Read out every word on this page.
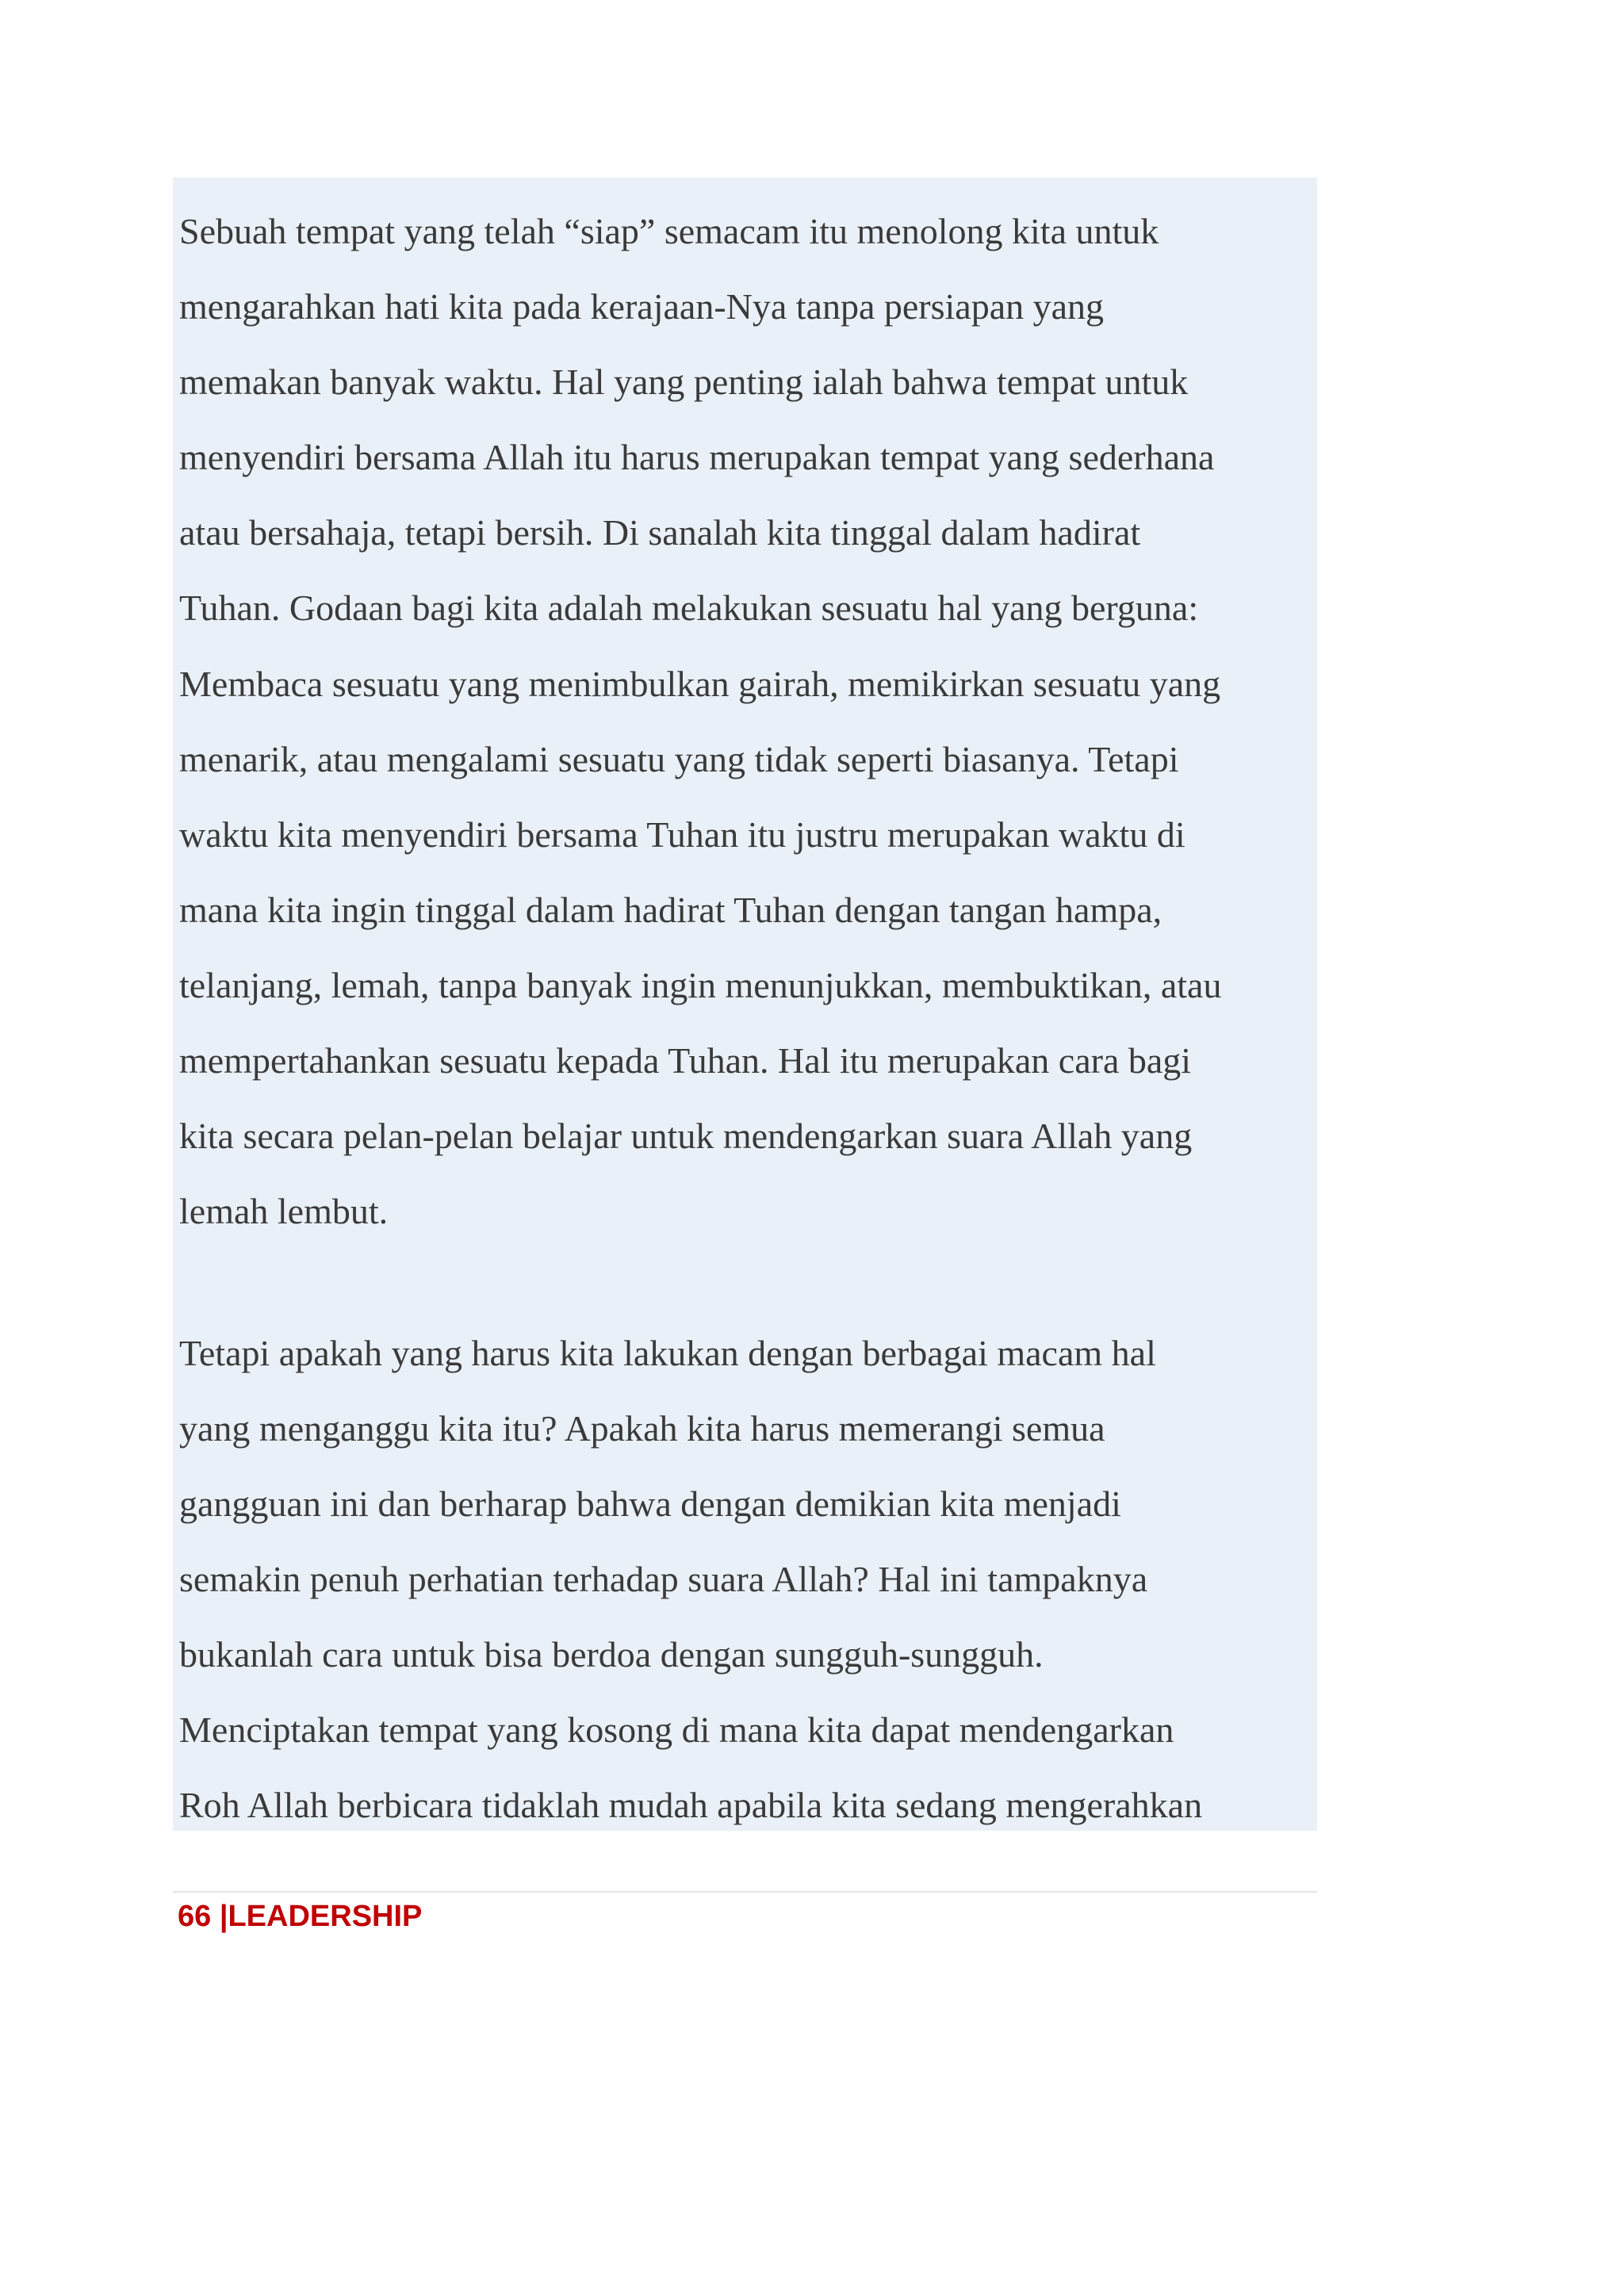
Sebuah tempat yang telah “siap” semacam itu menolong kita untuk
mengarahkan hati kita pada kerajaan-Nya tanpa persiapan yang
memakan banyak waktu. Hal yang penting ialah bahwa tempat untuk
menyendiri bersama Allah itu harus merupakan tempat yang sederhana
atau bersahaja, tetapi bersih. Di sanalah kita tinggal dalam hadirat
Tuhan. Godaan bagi kita adalah melakukan sesuatu hal yang berguna:
Membaca sesuatu yang menimbulkan gairah, memikirkan sesuatu yang
menarik, atau mengalami sesuatu yang tidak seperti biasanya. Tetapi
waktu kita menyendiri bersama Tuhan itu justru merupakan waktu di
mana kita ingin tinggal dalam hadirat Tuhan dengan tangan hampa,
telanjang, lemah, tanpa banyak ingin menunjukkan, membuktikan, atau
mempertahankan sesuatu kepada Tuhan. Hal itu merupakan cara bagi
kita secara pelan-pelan belajar untuk mendengarkan suara Allah yang
lemah lembut.
Tetapi apakah yang harus kita lakukan dengan berbagai macam hal
yang menganggu kita itu? Apakah kita harus memerangi semua
gangguan ini dan berharap bahwa dengan demikian kita menjadi
semakin penuh perhatian terhadap suara Allah? Hal ini tampaknya
bukanlah cara untuk bisa berdoa dengan sungguh-sungguh.
Menciptakan tempat yang kosong di mana kita dapat mendengarkan
Roh Allah berbicara tidaklah mudah apabila kita sedang mengerahkan
66 |LEADERSHIP
